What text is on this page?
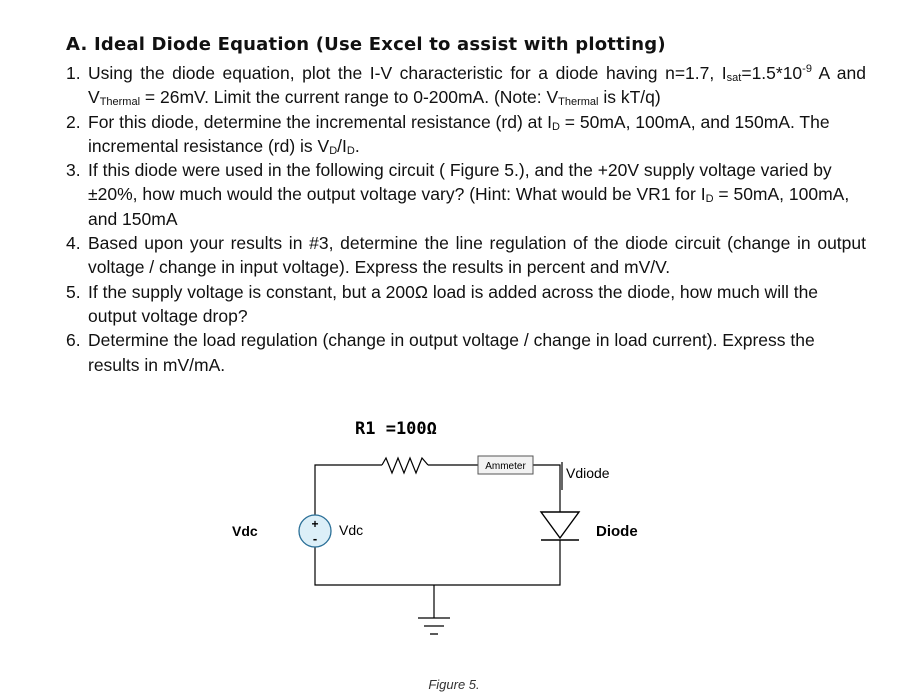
A. Ideal Diode Equation (Use Excel to assist with plotting)
1. Using the diode equation, plot the I-V characteristic for a diode having n=1.7, $I_{sat}=1.5*10^{-9}$ A and $V_{Thermal} = 26mV$. Limit the current range to 0-200mA. (Note: $V_{Thermal}$ is kT/q)
2. For this diode, determine the incremental resistance (rd) at $I_D = 50mA$, 100mA, and 150mA. The incremental resistance (rd) is $V_D/I_D$.
3. If this diode were used in the following circuit ( Figure 5.), and the +20V supply voltage varied by ±20%, how much would the output voltage vary? (Hint: What would be VR1 for $I_D = 50mA$, 100mA, and 150mA
4. Based upon your results in #3, determine the line regulation of the diode circuit (change in output voltage / change in input voltage). Express the results in percent and mV/V.
5. If the supply voltage is constant, but a 200Ω load is added across the diode, how much will the output voltage drop?
6. Determine the load regulation (change in output voltage / change in load current). Express the results in mV/mA.
R1 =100Ω
Ammeter	Vdiode
Vdc	Vdc
+
-	Diode
Figure 5.
